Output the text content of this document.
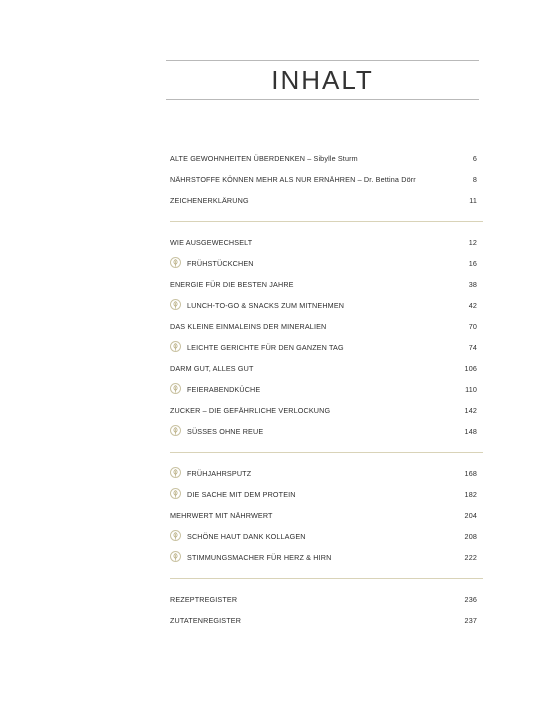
INHALT
ALTE GEWOHNHEITEN ÜBERDENKEN – Sibylle Sturm	6
NÄHRSTOFFE KÖNNEN MEHR ALS NUR ERNÄHREN – Dr. Bettina Dörr	8
ZEICHENERKLÄRUNG	11
WIE AUSGEWECHSELT	12
FRÜHSTÜCKCHEN	16
ENERGIE FÜR DIE BESTEN JAHRE	38
LUNCH-TO-GO & SNACKS ZUM MITNEHMEN	42
DAS KLEINE EINMALEINS DER MINERALIEN	70
LEICHTE GERICHTE FÜR DEN GANZEN TAG	74
DARM GUT, ALLES GUT	106
FEIERABENDKÜCHE	110
ZUCKER – DIE GEFÄHRLICHE VERLOCKUNG	142
SÜSSES OHNE REUE	148
FRÜHJAHRSPUTZ	168
DIE SACHE MIT DEM PROTEIN	182
MEHRWERT MIT NÄHRWERT	204
SCHÖNE HAUT DANK KOLLAGEN	208
STIMMUNGSMACHER FÜR HERZ & HIRN	222
REZEPTREGISTER	236
ZUTATENREGISTER	237
